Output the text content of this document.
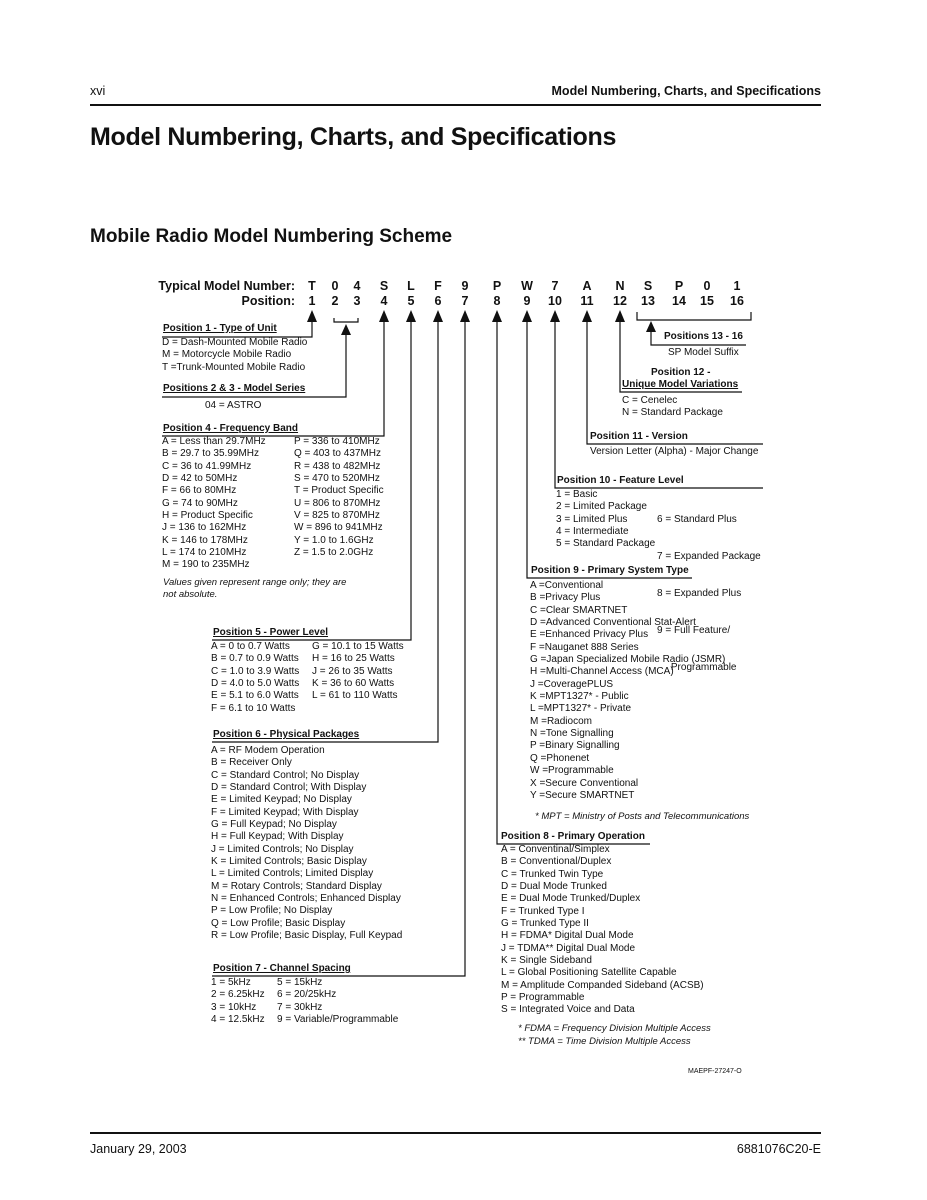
xvi	Model Numbering, Charts, and Specifications
Model Numbering, Charts, and Specifications
Mobile Radio Model Numbering Scheme
Typical Model Number:
Position:
T	0	4	S	L	F	9	P	W	7	A	N	S	P	0	1
1	2	3	4	5	6	7	8	9	10	11	12	13	14	15	16
Position 1 - Type of Unit
D = Dash-Mounted Mobile Radio
M = Motorcycle Mobile Radio
T =Trunk-Mounted Mobile Radio
Positions 2 & 3 - Model Series
04 = ASTRO
Position 4 - Frequency Band
A = Less than 29.7MHz
B = 29.7 to 35.99MHz
C = 36 to 41.99MHz
D = 42 to 50MHz
F = 66 to 80MHz
G = 74 to 90MHz
H = Product Specific
J = 136 to 162MHz
K = 146 to 178MHz
L = 174 to 210MHz
M = 190 to 235MHz
P = 336 to 410MHz
Q = 403 to 437MHz
R = 438 to 482MHz
S = 470 to 520MHz
T = Product Specific
U = 806 to 870MHz
V = 825 to 870MHz
W = 896 to 941MHz
Y = 1.0 to 1.6GHz
Z = 1.5 to 2.0GHz
Values given represent range only; they are
not absolute.
Position 5 - Power Level
A = 0 to 0.7 Watts
B = 0.7 to 0.9 Watts
C = 1.0 to 3.9 Watts
D = 4.0 to 5.0 Watts
E = 5.1 to 6.0 Watts
F = 6.1 to 10 Watts
G = 10.1 to 15 Watts
H = 16 to 25 Watts
J = 26 to 35 Watts
K = 36 to 60 Watts
L = 61 to 110 Watts
Position 6 - Physical Packages
A = RF Modem Operation
B = Receiver Only
C = Standard Control; No Display
D = Standard Control; With Display
E = Limited Keypad; No Display
F = Limited Keypad; With Display
G = Full Keypad; No Display
H = Full Keypad; With Display
J = Limited Controls; No Display
K = Limited Controls; Basic Display
L = Limited Controls; Limited Display
M = Rotary Controls; Standard Display
N = Enhanced Controls; Enhanced Display
P = Low Profile; No Display
Q = Low Profile; Basic Display
R = Low Profile; Basic Display, Full Keypad
Position 7 - Channel Spacing
1 = 5kHz
2 = 6.25kHz
3 = 10kHz
4 = 12.5kHz
5 = 15kHz
6 = 20/25kHz
7 = 30kHz
9 = Variable/Programmable
Positions 13 - 16
SP Model Suffix
Position 12 -
Unique Model Variations
C = Cenelec
N = Standard Package
Position 11 - Version
Version Letter (Alpha) - Major Change
Position 10 - Feature Level
1 = Basic
2 = Limited Package
3 = Limited Plus
4 = Intermediate
5 = Standard Package

6 = Standard Plus

7 = Expanded Package

8 = Expanded Plus

9 = Full Feature/

Programmable

Position 9 - Primary System Type
A =Conventional
B =Privacy Plus
C =Clear SMARTNET
D =Advanced Conventional Stat-Alert
E =Enhanced Privacy Plus
F =Nauganet 888 Series
G =Japan Specialized Mobile Radio (JSMR)
H =Multi-Channel Access (MCA)
J =CoveragePLUS
K =MPT1327* - Public
L =MPT1327* - Private
M =Radiocom
N =Tone Signalling
P =Binary Signalling
Q =Phonenet
W =Programmable
X =Secure Conventional
Y =Secure SMARTNET
* MPT = Ministry of Posts and Telecommunications
Position 8 - Primary Operation
A = Conventinal/Simplex
B = Conventional/Duplex
C = Trunked Twin Type
D = Dual Mode Trunked
E = Dual Mode Trunked/Duplex
F = Trunked Type I
G = Trunked Type II
H = FDMA* Digital Dual Mode
J = TDMA** Digital Dual Mode
K = Single Sideband
L = Global Positioning Satellite Capable
M = Amplitude Companded Sideband (ACSB)
P = Programmable
S = Integrated Voice and Data
* FDMA = Frequency Division Multiple Access
** TDMA = Time Division Multiple Access
MAEPF-27247-O
January 29, 2003	6881076C20-E
